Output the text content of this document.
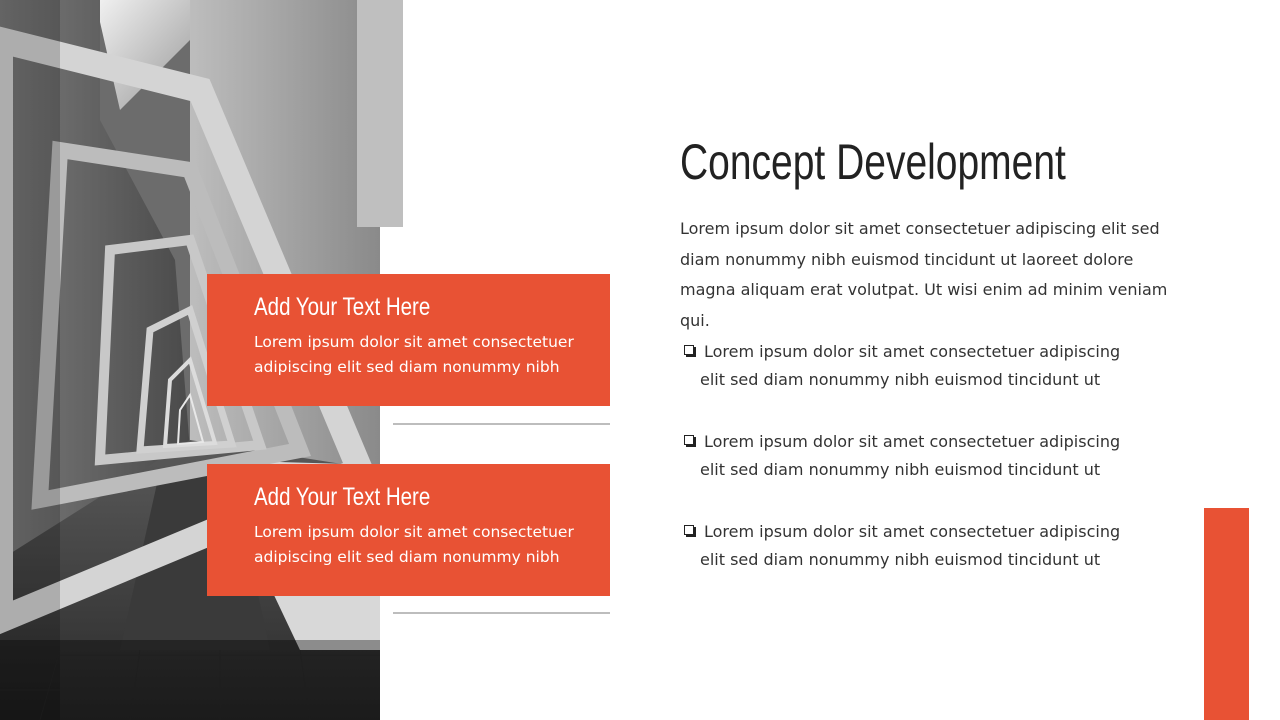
Add Your Text Here

Lorem ipsum dolor sit amet consectetuer adipiscing elit sed diam nonummy nibh

Add Your Text Here

Lorem ipsum dolor sit amet consectetuer adipiscing elit sed diam nonummy nibh

Concept Development

Lorem ipsum dolor sit amet consectetuer adipiscing elit sed diam nonummy nibh euismod tincidunt ut laoreet dolore magna aliquam erat volutpat. Ut wisi enim ad minim veniam qui.

Lorem ipsum dolor sit amet consectetuer adipiscing
elit sed diam nonummy nibh euismod tincidunt ut
Lorem ipsum dolor sit amet consectetuer adipiscing
elit sed diam nonummy nibh euismod tincidunt ut
Lorem ipsum dolor sit amet consectetuer adipiscing
elit sed diam nonummy nibh euismod tincidunt ut
